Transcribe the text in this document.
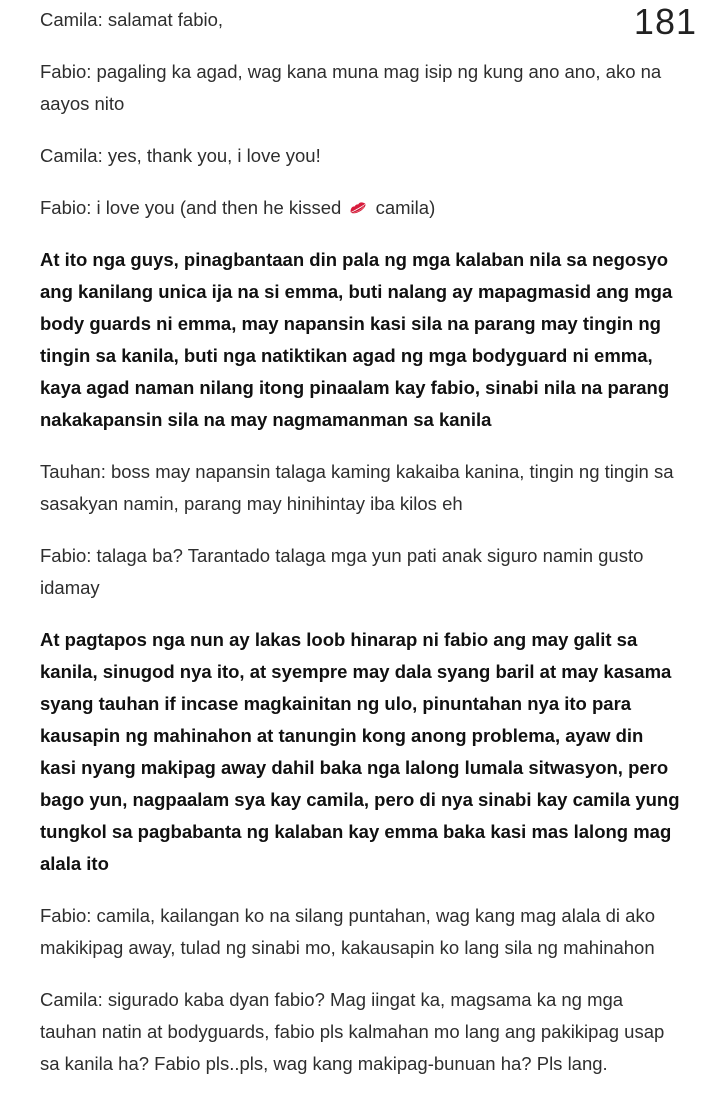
181

Camila: salamat fabio,

Fabio: pagaling ka agad, wag kana muna mag isip ng kung ano ano, ako na aayos nito

Camila: yes, thank you, i love you!

Fabio: i love you (and then he kissed camila)

At ito nga guys, pinagbantaan din pala ng mga kalaban nila sa negosyo ang kanilang unica ija na si emma, buti nalang ay mapagmasid ang mga body guards ni emma, may napansin kasi sila na parang may tingin ng tingin sa kanila, buti nga natiktikan agad ng mga bodyguard ni emma, kaya agad naman nilang itong pinaalam kay fabio, sinabi nila na parang nakakapansin sila na may nagmamanman sa kanila

Tauhan: boss may napansin talaga kaming kakaiba kanina, tingin ng tingin sa sasakyan namin, parang may hinihintay iba kilos eh

Fabio: talaga ba? Tarantado talaga mga yun pati anak siguro namin gusto idamay

At pagtapos nga nun ay lakas loob hinarap ni fabio ang may galit sa kanila, sinugod nya ito, at syempre may dala syang baril at may kasama syang tauhan if incase magkainitan ng ulo, pinuntahan nya ito para kausapin ng mahinahon at tanungin kong anong problema, ayaw din kasi nyang makipag away dahil baka nga lalong lumala sitwasyon, pero bago yun, nagpaalam sya kay camila, pero di nya sinabi kay camila yung tungkol sa pagbabanta ng kalaban kay emma baka kasi mas lalong mag alala ito

Fabio: camila, kailangan ko na silang puntahan, wag kang mag alala di ako makikipag away, tulad ng sinabi mo, kakausapin ko lang sila ng mahinahon

Camila: sigurado kaba dyan fabio? Mag iingat ka, magsama ka ng mga tauhan natin at bodyguards, fabio pls kalmahan mo lang ang pakikipag usap sa kanila ha? Fabio pls..pls, wag kang makipag-bunuan ha? Pls lang.
